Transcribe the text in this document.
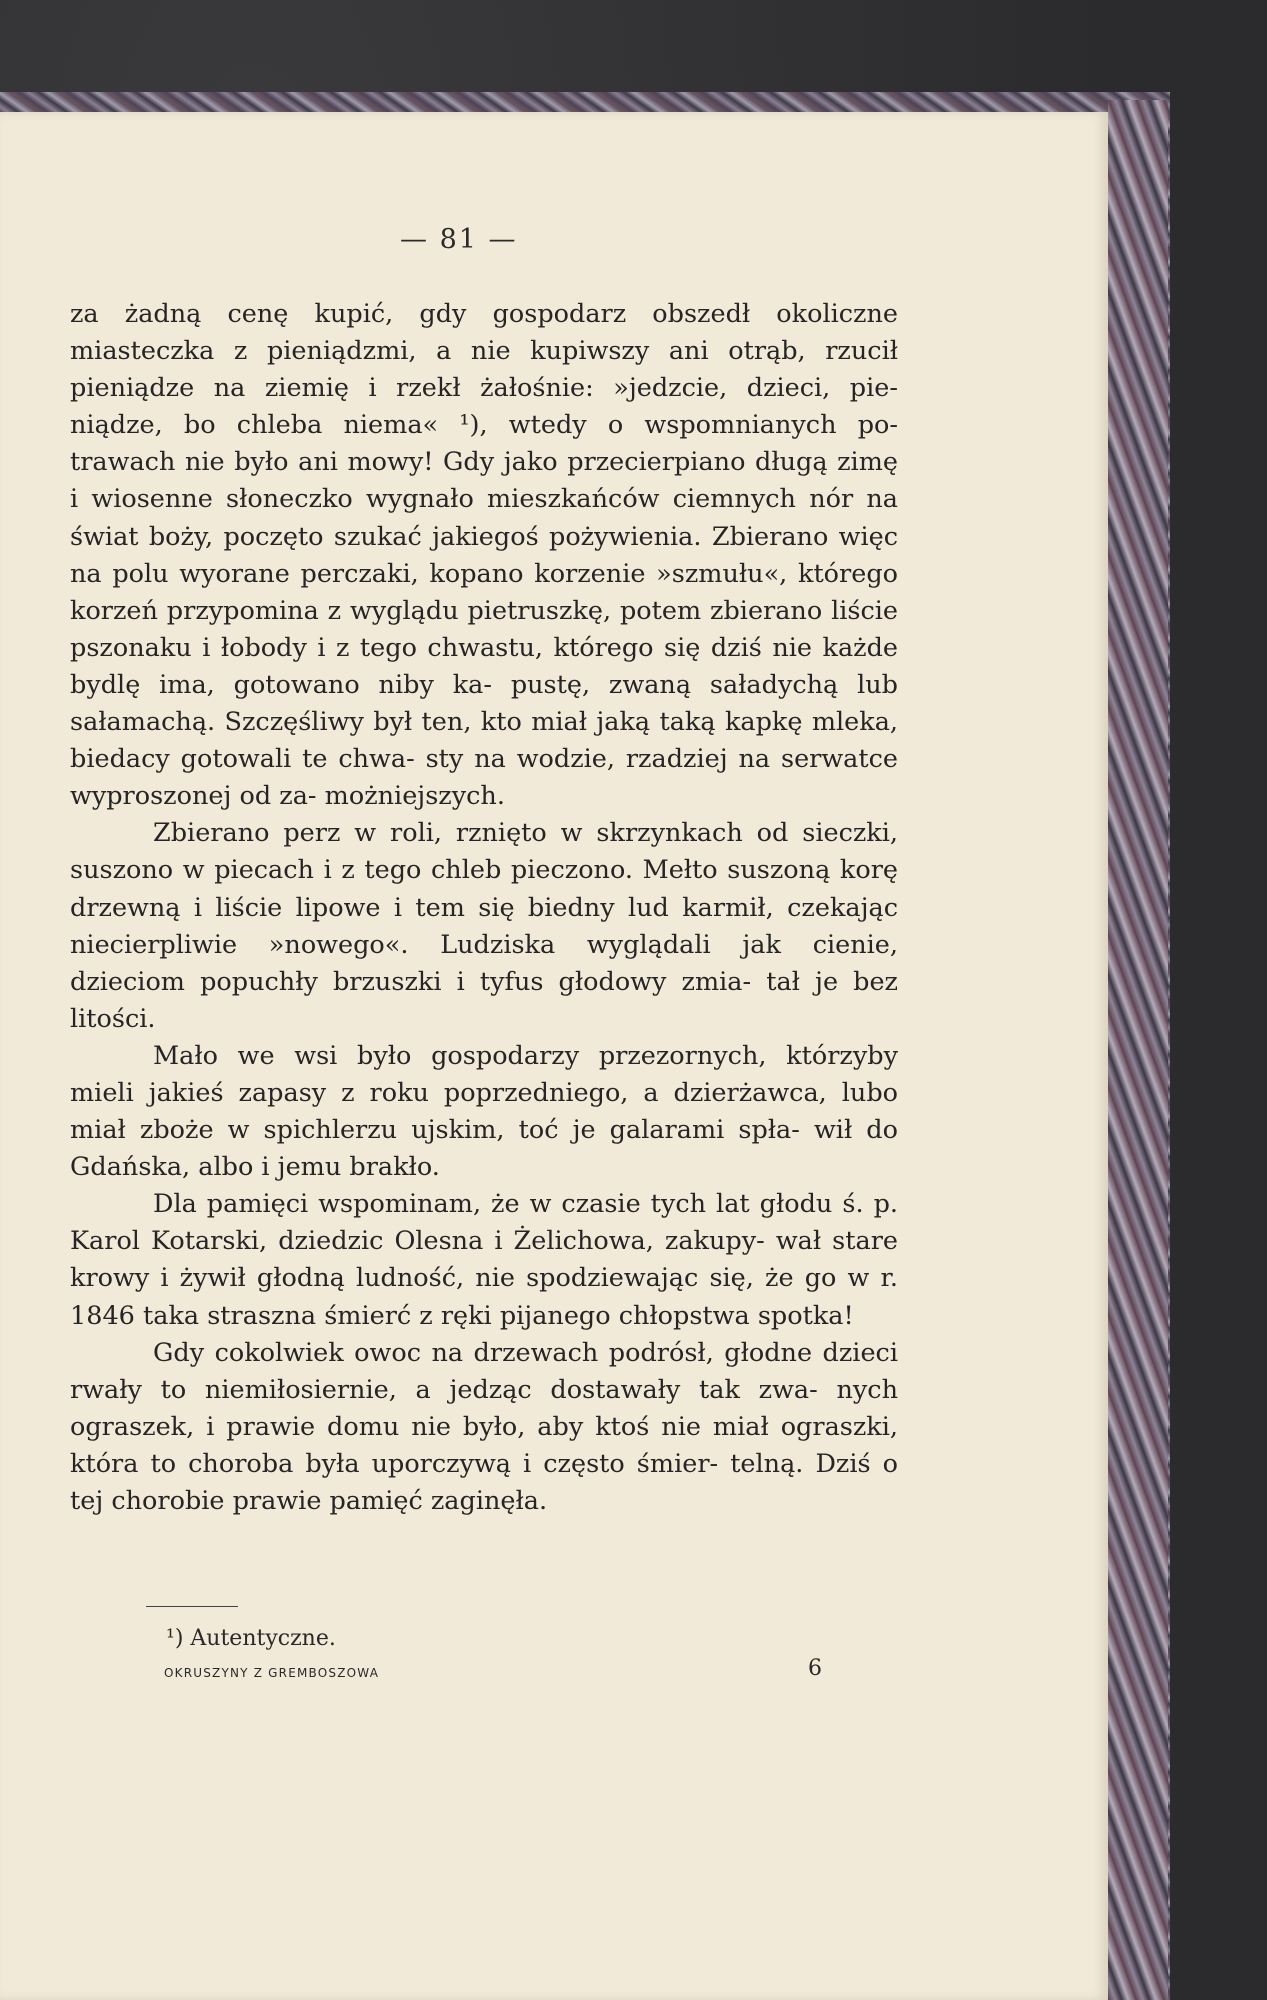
— 81 —

za żadną cenę kupić, gdy gospodarz obszedł okoliczne miasteczka z pieniądzmi, a nie kupiwszy ani otrąb, rzucił pieniądze na ziemię i rzekł żałośnie: »jedzcie, dzieci, pie- niądze, bo chleba niema« ¹), wtedy o wspomnianych po- trawach nie było ani mowy! Gdy jako przecierpiano długą zimę i wiosenne słoneczko wygnało mieszkańców ciemnych nór na świat boży, poczęto szukać jakiegoś pożywienia. Zbierano więc na polu wyorane perczaki, kopano korzenie »szmułu«, którego korzeń przypomina z wyglądu pietruszkę, potem zbierano liście pszonaku i łobody i z tego chwastu, którego się dziś nie każde bydlę ima, gotowano niby ka- pustę, zwaną saładychą lub sałamachą. Szczęśliwy był ten, kto miał jaką taką kapkę mleka, biedacy gotowali te chwa- sty na wodzie, rzadziej na serwatce wyproszonej od za- możniejszych.

Zbierano perz w roli, rznięto w skrzynkach od sieczki, suszono w piecach i z tego chleb pieczono. Mełto suszoną korę drzewną i liście lipowe i tem się biedny lud karmił, czekając niecierpliwie »nowego«. Ludziska wyglądali jak cienie, dzieciom popuchły brzuszki i tyfus głodowy zmia- tał je bez litości.

Mało we wsi było gospodarzy przezornych, którzyby mieli jakieś zapasy z roku poprzedniego, a dzierżawca, lubo miał zboże w spichlerzu ujskim, toć je galarami spła- wił do Gdańska, albo i jemu brakło.

Dla pamięci wspominam, że w czasie tych lat głodu ś. p. Karol Kotarski, dziedzic Olesna i Żelichowa, zakupy- wał stare krowy i żywił głodną ludność, nie spodziewając się, że go w r. 1846 taka straszna śmierć z ręki pijanego chłopstwa spotka!

Gdy cokolwiek owoc na drzewach podrósł, głodne dzieci rwały to niemiłosiernie, a jedząc dostawały tak zwa- nych ograszek, i prawie domu nie było, aby ktoś nie miał ograszki, która to choroba była uporczywą i często śmier- telną. Dziś o tej chorobie prawie pamięć zaginęła.

¹) Autentyczne.
OKRUSZYNY Z GREMBOSZOWA	6
